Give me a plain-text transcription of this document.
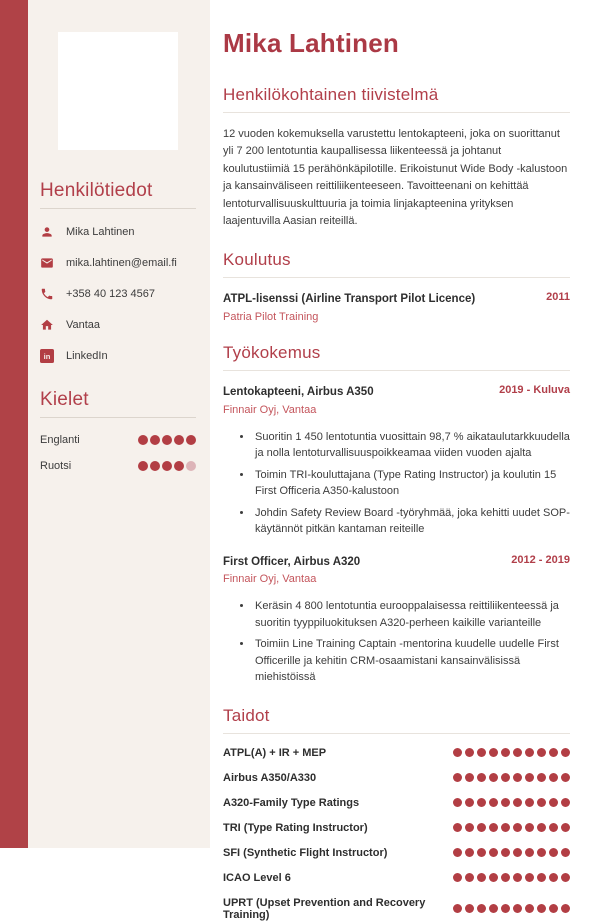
Henkilötiedot
Mika Lahtinen
mika.lahtinen@email.fi
+358 40 123 4567
Vantaa
in LinkedIn
Kielet
Englanti
Ruotsi
Mika Lahtinen
Henkilökohtainen tiivistelmä

12 vuoden kokemuksella varustettu lentokapteeni, joka on suorittanut yli 7 200 lentotuntia kaupallisessa liikenteessä ja johtanut koulutustiimiä 15 perähönkäpilotille. Erikoistunut Wide Body -kalustoon ja kansainväliseen reittiliikenteeseen. Tavoitteenani on kehittää lentoturvallisuuskulttuuria ja toimia linjakapteenina yrityksen laajentuvilla Aasian reiteillä.

Koulutus
ATPL-lisenssi (Airline Transport Pilot Licence)	2011
Patria Pilot Training
Työkokemus
Lentokapteeni, Airbus A350	2019 - Kuluva
Finnair Oyj, Vantaa
• Suoritin 1 450 lentotuntia vuosittain 98,7 % aikataulutarkkuudella ja nolla lentoturvallisuuspoikkeamaa viiden vuoden ajalta
• Toimin TRI-kouluttajana (Type Rating Instructor) ja koulutin 15 First Officeria A350-kalustoon
• Johdin Safety Review Board -työryhmää, joka kehitti uudet SOP-käytännöt pitkän kantaman reiteille
First Officer, Airbus A320	2012 - 2019
Finnair Oyj, Vantaa
• Keräsin 4 800 lentotuntia eurooppalaisessa reittiliikenteessä ja suoritin tyyppiluokituksen A320-perheen kaikille varianteille
• Toimiin Line Training Captain -mentorina kuudelle uudelle First Officerille ja kehitin CRM-osaamistani kansainvälisissä miehistöissä
Taidot
ATPL(A) + IR + MEP
Airbus A350/A330
A320-Family Type Ratings
TRI (Type Rating Instructor)
SFI (Synthetic Flight Instructor)
ICAO Level 6
UPRT (Upset Prevention and Recovery Training)
